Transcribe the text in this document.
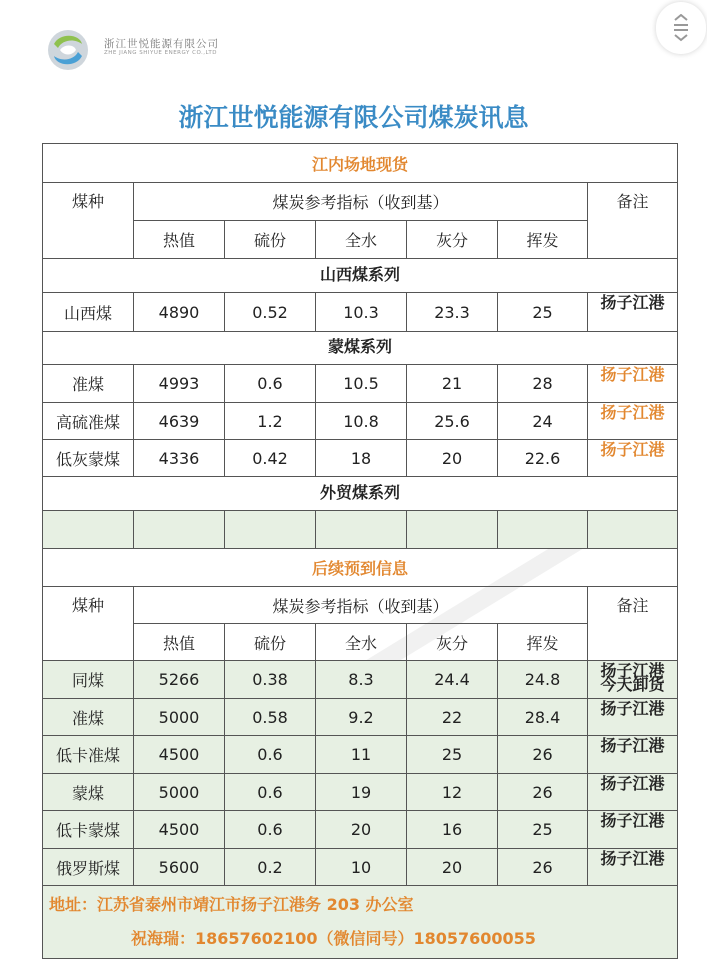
浙江世悦能源有限公司
ZHE JIANG SHIYUE ENERGY CO.,LTD
浙江世悦能源有限公司煤炭讯息
江内场地现货						
煤种	煤炭参考指标（收到基）					备注
	热值	硫份	全水	灰分	挥发	
山西煤系列						
山西煤	4890	0.52	10.3	23.3	25	扬子江港
蒙煤系列						
准煤	4993	0.6	10.5	21	28	扬子江港
高硫准煤	4639	1.2	10.8	25.6	24	扬子江港
低灰蒙煤	4336	0.42	18	20	22.6	扬子江港
外贸煤系列						

后续预到信息						
煤种	煤炭参考指标（收到基）					备注
	热值	硫份	全水	灰分	挥发	
同煤	5266	0.38	8.3	24.4	24.8	扬子江港
今天卸货
准煤	5000	0.58	9.2	22	28.4	扬子江港
低卡准煤	4500	0.6	11	25	26	扬子江港
蒙煤	5000	0.6	19	12	26	扬子江港
低卡蒙煤	4500	0.6	20	16	25	扬子江港
俄罗斯煤	5600	0.2	10	20	26	扬子江港

地址：江苏省泰州市靖江市扬子江港务 203 办公室
祝海瑞：18657602100（微信同号）18057600055						
